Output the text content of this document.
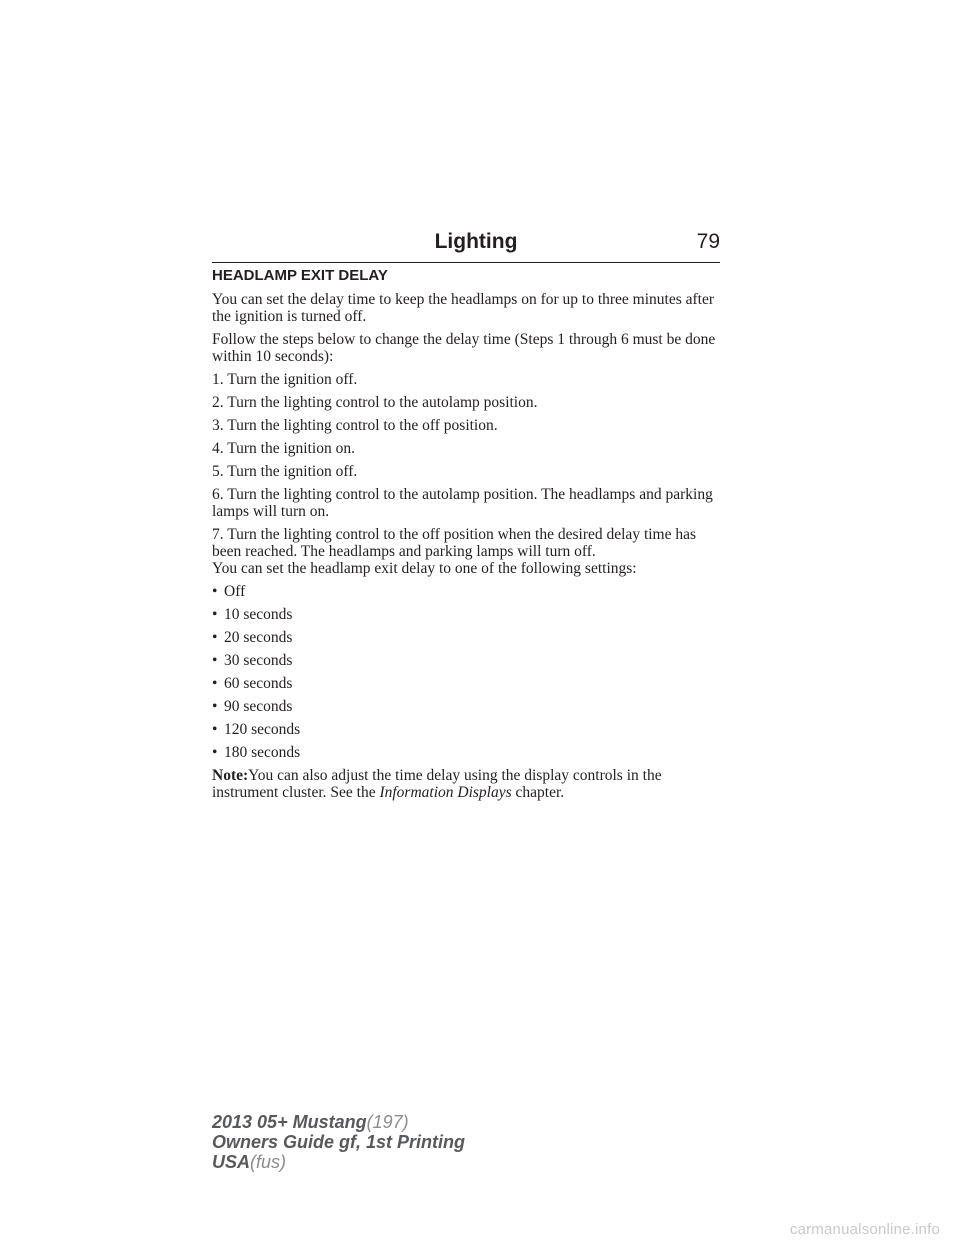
Lighting	79
HEADLAMP EXIT DELAY

You can set the delay time to keep the headlamps on for up to three minutes after the ignition is turned off.

Follow the steps below to change the delay time (Steps 1 through 6 must be done within 10 seconds):

1. Turn the ignition off.

2. Turn the lighting control to the autolamp position.

3. Turn the lighting control to the off position.

4. Turn the ignition on.

5. Turn the ignition off.

6. Turn the lighting control to the autolamp position. The headlamps and parking lamps will turn on.

7. Turn the lighting control to the off position when the desired delay time has been reached. The headlamps and parking lamps will turn off.

You can set the headlamp exit delay to one of the following settings:

• Off
• 10 seconds
• 20 seconds
• 30 seconds
• 60 seconds
• 90 seconds
• 120 seconds
• 180 seconds

Note:You can also adjust the time delay using the display controls in the instrument cluster. See the Information Displays chapter.

2013 05+ Mustang(197)
Owners Guide gf, 1st Printing
USA(fus)
carmanualsonline.info
